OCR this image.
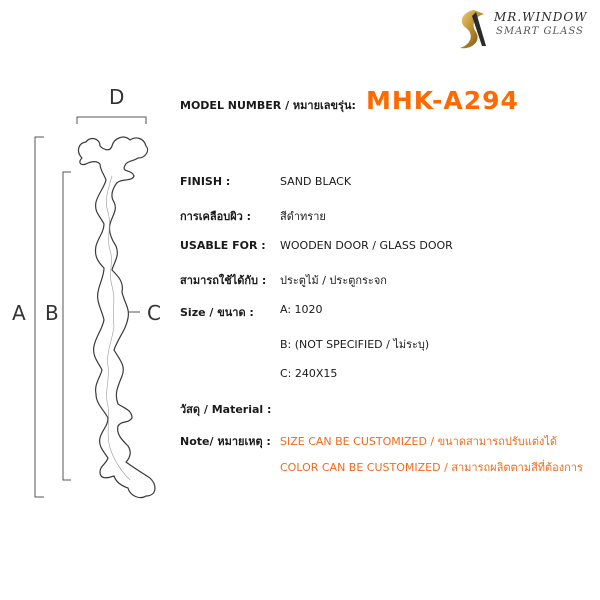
MR.WINDOW
SMART GLASS
MODEL NUMBER / หมายเลขรุ่น: MHK-A294
FINISH :	SAND BLACK
การเคลือบผิว :	สีดำทราย
USABLE FOR : WOODEN DOOR / GLASS DOOR
สามารถใช้ได้กับ : ประตูไม้ / ประตูกระจก
Size / ขนาด : A: 1020
B: (NOT SPECIFIED / ไม่ระบุ)
C: 240X15
วัสดุ / Material :
Note/ หมายเหตุ : SIZE CAN BE CUSTOMIZED / ขนาดสามารถปรับแต่งได้
COLOR CAN BE CUSTOMIZED / สามารถผลิตตามสีที่ต้องการ
D
A B	C
